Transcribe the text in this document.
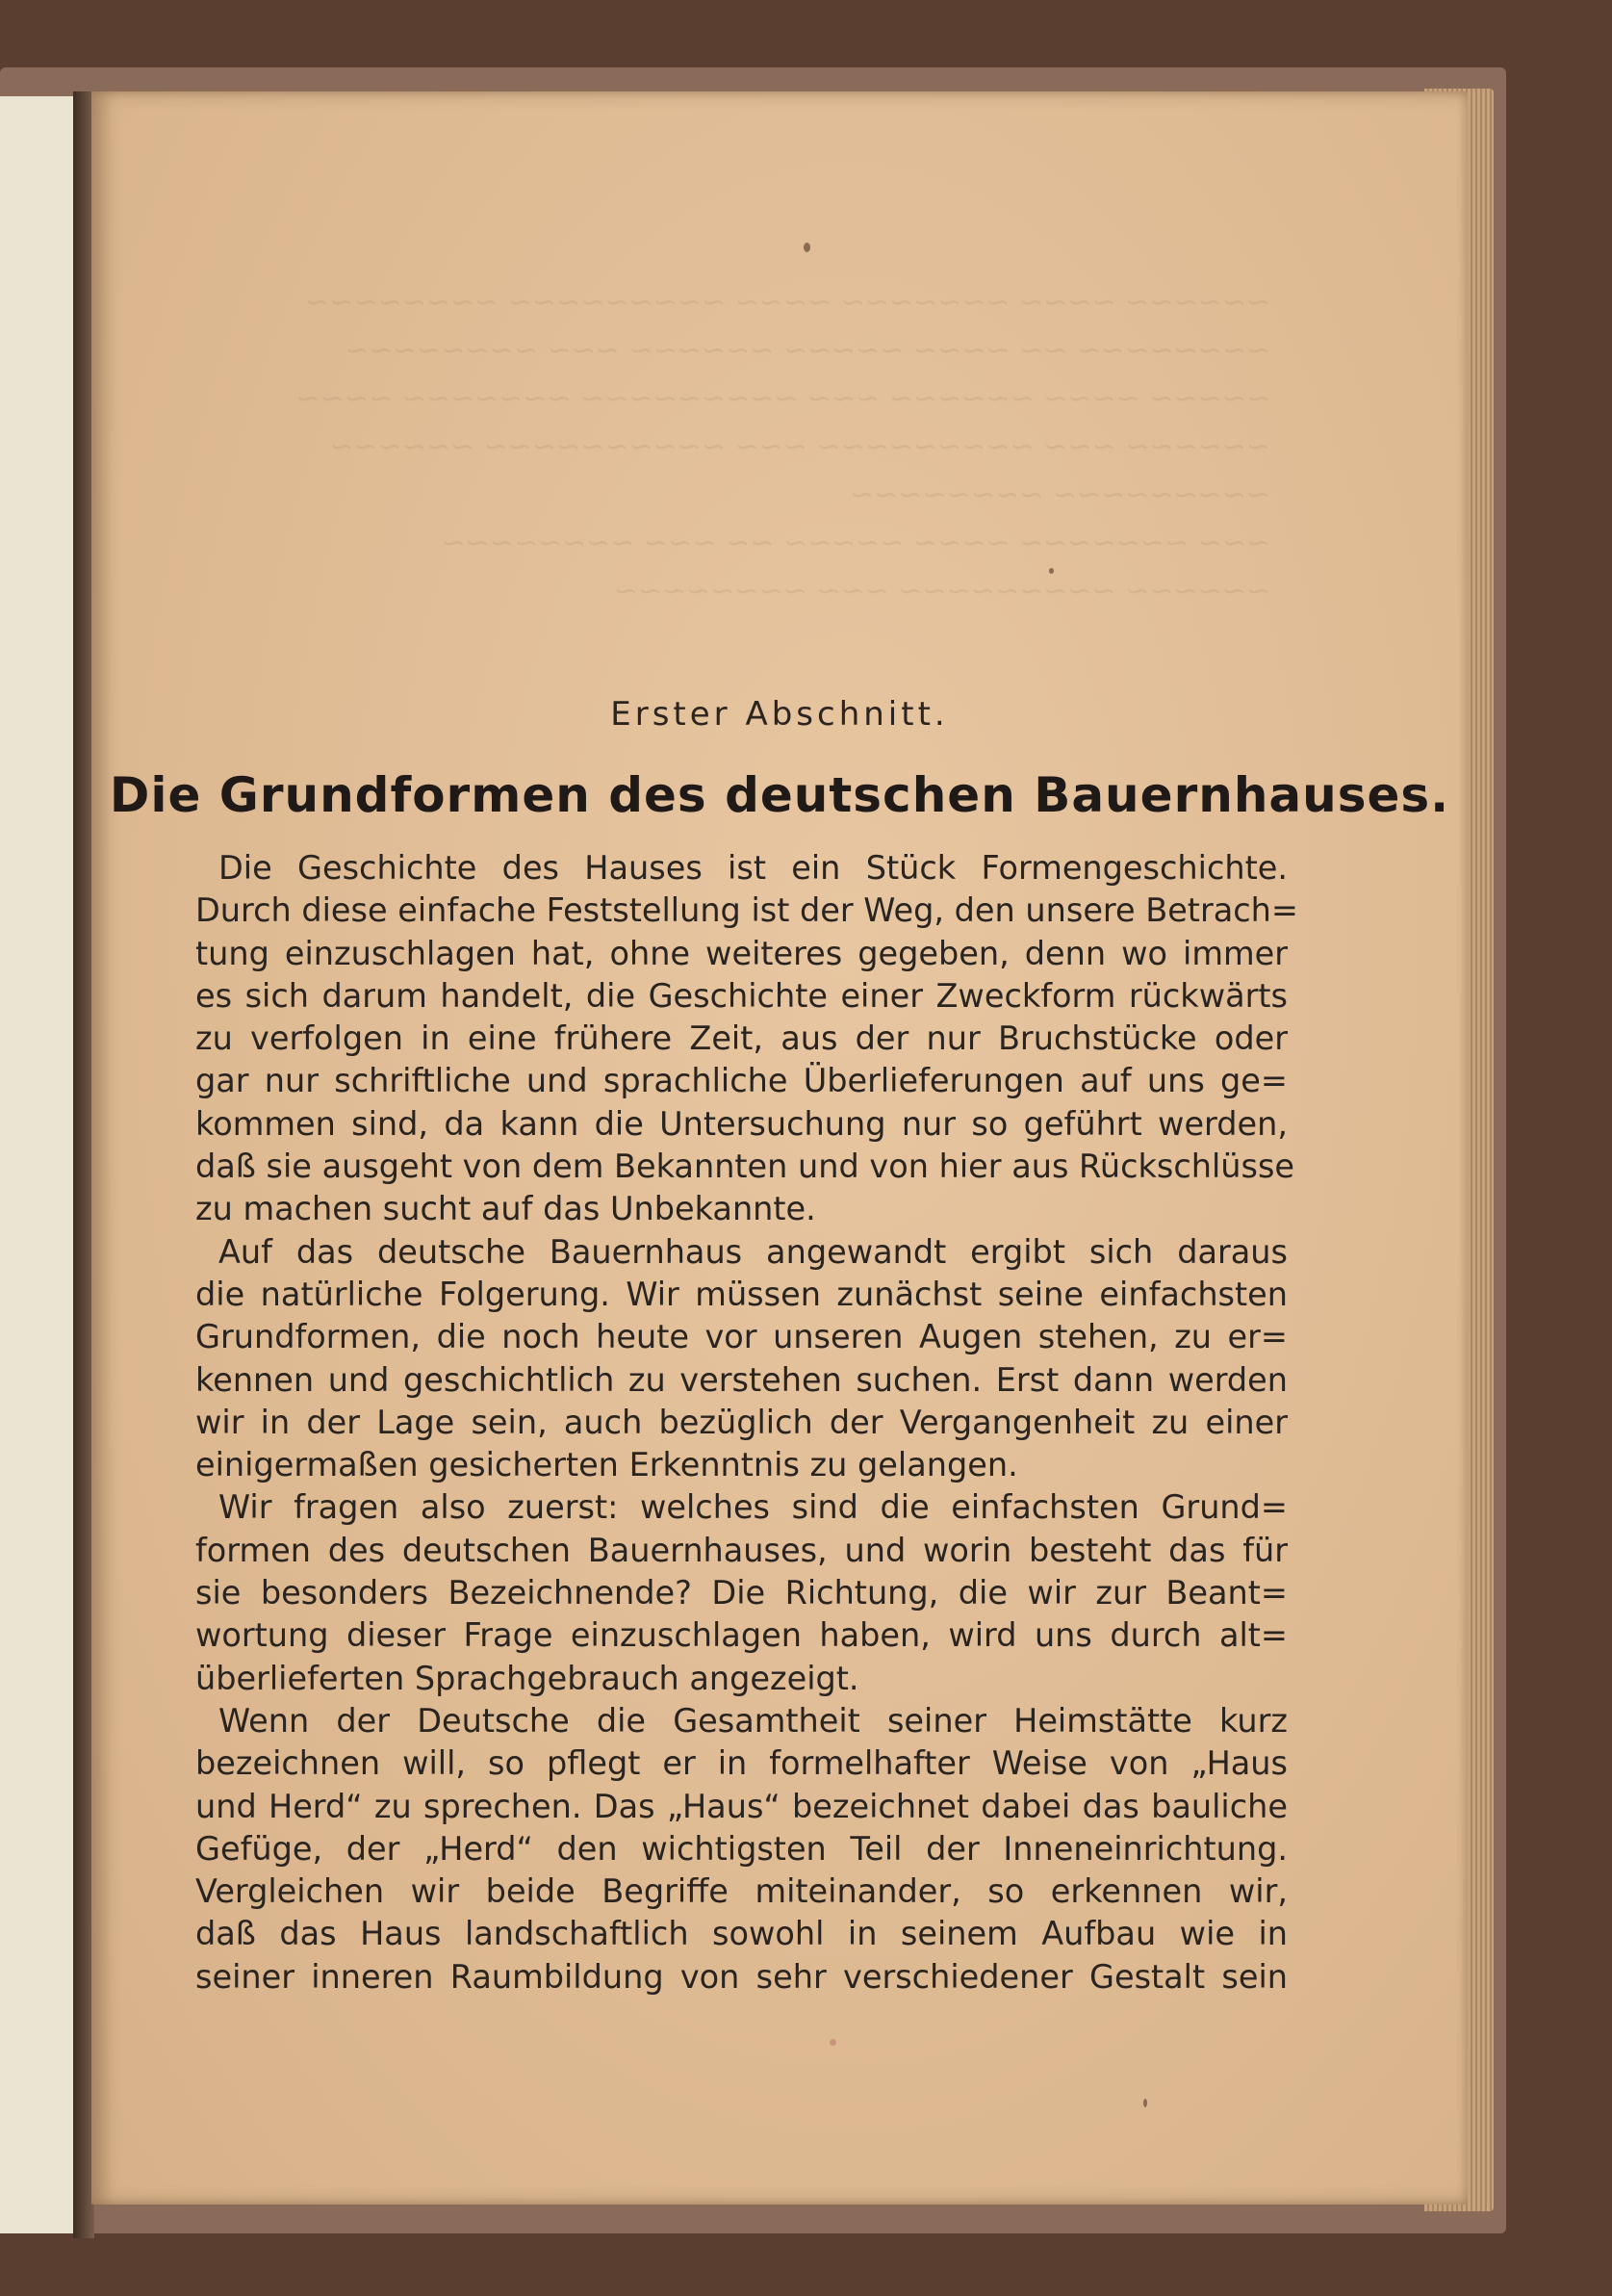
~~~~~~ ~~~~ ~~~~~~~ ~~~~ ~~~~~~~~~ ~~~~~~~~
~~~~~~~~ ~~ ~~~~ ~~~~~ ~~~~~~ ~~~ ~~~~~~~~
~~~~~ ~~~~ ~~~~~~ ~~~ ~~~~~~~~~ ~~~~~~~ ~~~~
~~~~~~ ~~~ ~~~~~~~~~ ~~~ ~~~~~~~~~~ ~~~~~~
~~~~~~~~~ ~~~~~~~~
~~~ ~~~~~~~ ~~~~ ~~~~~ ~~ ~~~ ~~~~~~~~
~~~~~~ ~~~~~~~~~ ~~~ ~~~~~~~~
Erster Abschnitt.
Die Grundformen des deutschen Bauernhauses.
Die Geschichte des Hauses ist ein Stück Formengeschichte.
Durch diese einfache Feststellung ist der Weg, den unsere Betrach=
tung einzuschlagen hat, ohne weiteres gegeben, denn wo immer
es sich darum handelt, die Geschichte einer Zweckform rückwärts
zu verfolgen in eine frühere Zeit, aus der nur Bruchstücke oder
gar nur schriftliche und sprachliche Überlieferungen auf uns ge=
kommen sind, da kann die Untersuchung nur so geführt werden,
daß sie ausgeht von dem Bekannten und von hier aus Rückschlüsse
zu machen sucht auf das Unbekannte.
Auf das deutsche Bauernhaus angewandt ergibt sich daraus
die natürliche Folgerung. Wir müssen zunächst seine einfachsten
Grundformen, die noch heute vor unseren Augen stehen, zu er=
kennen und geschichtlich zu verstehen suchen. Erst dann werden
wir in der Lage sein, auch bezüglich der Vergangenheit zu einer
einigermaßen gesicherten Erkenntnis zu gelangen.
Wir fragen also zuerst: welches sind die einfachsten Grund=
formen des deutschen Bauernhauses, und worin besteht das für
sie besonders Bezeichnende? Die Richtung, die wir zur Beant=
wortung dieser Frage einzuschlagen haben, wird uns durch alt=
überlieferten Sprachgebrauch angezeigt.
Wenn der Deutsche die Gesamtheit seiner Heimstätte kurz
bezeichnen will, so pflegt er in formelhafter Weise von „Haus
und Herd“ zu sprechen. Das „Haus“ bezeichnet dabei das bauliche
Gefüge, der „Herd“ den wichtigsten Teil der Inneneinrichtung.
Vergleichen wir beide Begriffe miteinander, so erkennen wir,
daß das Haus landschaftlich sowohl in seinem Aufbau wie in
seiner inneren Raumbildung von sehr verschiedener Gestalt sein
